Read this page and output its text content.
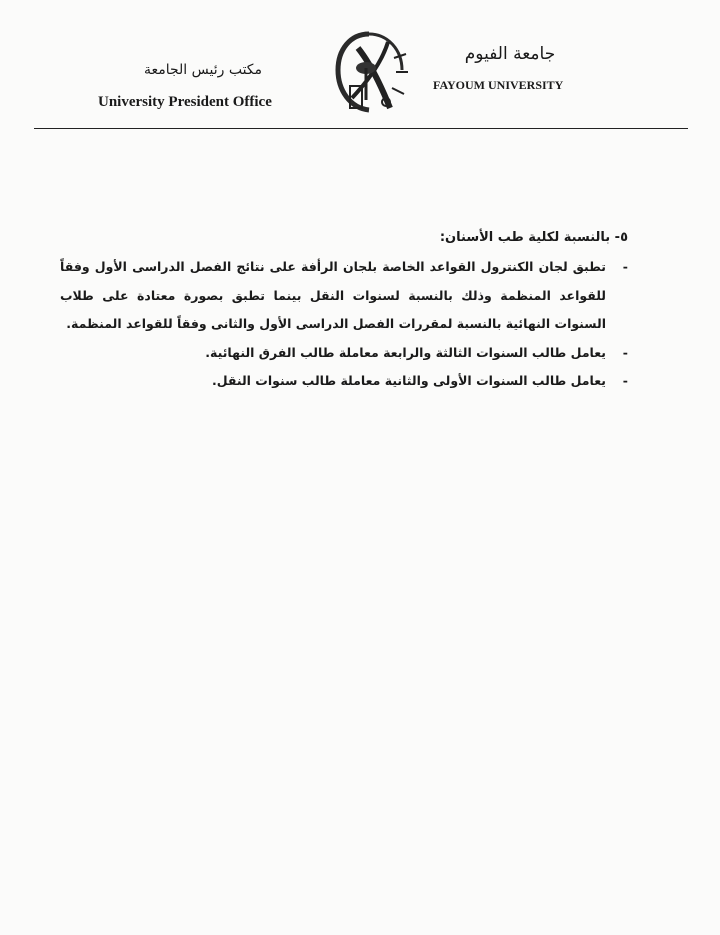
مكتب رئيس الجامعة
University President Office
جامعة الفيوم
FAYOUM UNIVERSITY
٥- بالنسبة لكلية طب الأسنان:
-
تطبق لجان الكنترول القواعد الخاصة بلجان الرأفة على نتائج الفصل الدراسى الأول وفقاً للقواعد المنظمة وذلك بالنسبة لسنوات النقل بينما تطبق بصورة معتادة على طلاب السنوات النهائية بالنسبة لمقررات الفصل الدراسى الأول والثانى وفقاً للقواعد المنظمة.
-
يعامل طالب السنوات الثالثة والرابعة معاملة طالب الفرق النهائية.
-
يعامل طالب السنوات الأولى والثانية معاملة طالب سنوات النقل.
